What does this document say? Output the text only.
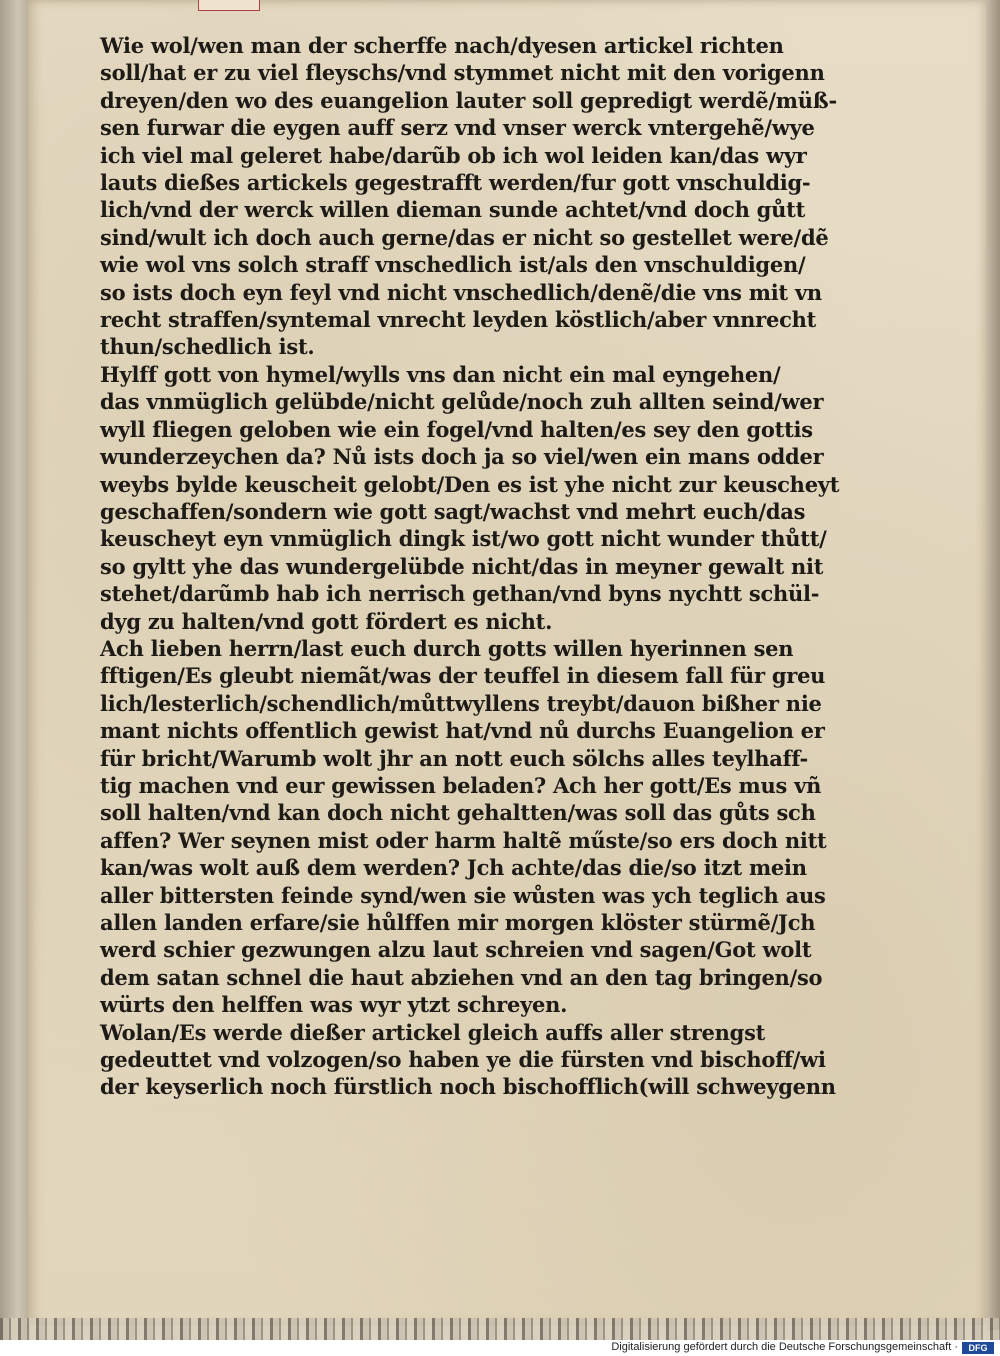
Wie wol/wen man der scherffe nach/dyesen artickel richten
soll/hat er zu viel fleyschs/vnd stymmet nicht mit den vorigenn
dreyen/den wo des euangelion lauter soll gepredigt werdẽ/müß-
sen furwar die eygen auff serz vnd vnser werck vntergehẽ/wye
ich viel mal geleret habe/darũb ob ich wol leiden kan/das wyr
lauts dießes artickels gegestrafft werden/fur gott vnschuldig-
lich/vnd der werck willen dieman sunde achtet/vnd doch gůtt
sind/wult ich doch auch gerne/das er nicht so gestellet were/dẽ
wie wol vns solch straff vnschedlich ist/als den vnschuldigen/
so ists doch eyn feyl vnd nicht vnschedlich/denẽ/die vns mit vn
recht straffen/syntemal vnrecht leyden köstlich/aber vnnrecht
thun/schedlich ist.

Hylff gott von hymel/wylls vns dan nicht ein mal eyngehen/
das vnmüglich gelübde/nicht gelůde/noch zuh allten seind/wer
wyll fliegen geloben wie ein fogel/vnd halten/es sey den gottis
wunderzeychen da? Nů ists doch ja so viel/wen ein mans odder
weybs bylde keuscheit gelobt/Den es ist yhe nicht zur keuscheyt
geschaffen/sondern wie gott sagt/wachst vnd mehrt euch/das
keuscheyt eyn vnmüglich dingk ist/wo gott nicht wunder thůtt/
so gyltt yhe das wundergelübde nicht/das in meyner gewalt nit
stehet/darũmb hab ich nerrisch gethan/vnd byns nychtt schül-
dyg zu halten/vnd gott fördert es nicht.

Ach lieben herrn/last euch durch gotts willen hyerinnen sen
fftigen/Es gleubt niemãt/was der teuffel in diesem fall für greu
lich/lesterlich/schendlich/můttwyllens treybt/dauon bißher nie
mant nichts offentlich gewist hat/vnd nů durchs Euangelion er
für bricht/Warumb wolt jhr an nott euch sölchs alles teylhaff-
tig machen vnd eur gewissen beladen? Ach her gott/Es mus vñ
soll halten/vnd kan doch nicht gehaltten/was soll das gůts sch
affen? Wer seynen mist oder harm haltẽ műste/so ers doch nitt
kan/was wolt auß dem werden? Jch achte/das die/so itzt mein
aller bittersten feinde synd/wen sie wůsten was ych teglich aus
allen landen erfare/sie hůlffen mir morgen klöster stürmẽ/Jch
werd schier gezwungen alzu laut schreien vnd sagen/Got wolt
dem satan schnel die haut abziehen vnd an den tag bringen/so
würts den helffen was wyr ytzt schreyen.

Wolan/Es werde dießer artickel gleich auffs aller strengst
gedeuttet vnd volzogen/so haben ye die fürsten vnd bischoff/wi
der keyserlich noch fürstlich noch bischofflich(will schweygenn

Digitalisierung gefördert durch die Deutsche Forschungsgemeinschaft ·	DFG
